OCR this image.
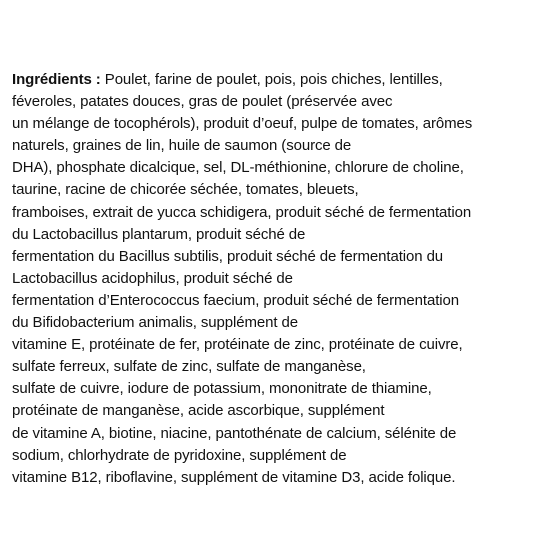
Ingrédients : Poulet, farine de poulet, pois, pois chiches, lentilles,
féveroles, patates douces, gras de poulet (préservée avec
un mélange de tocophérols), produit d’oeuf, pulpe de tomates, arômes
naturels, graines de lin, huile de saumon (source de
DHA), phosphate dicalcique, sel, DL-méthionine, chlorure de choline,
taurine, racine de chicorée séchée, tomates, bleuets,
framboises, extrait de yucca schidigera, produit séché de fermentation
du Lactobacillus plantarum, produit séché de
fermentation du Bacillus subtilis, produit séché de fermentation du
Lactobacillus acidophilus, produit séché de
fermentation d’Enterococcus faecium, produit séché de fermentation
du Bifidobacterium animalis, supplément de
vitamine E, protéinate de fer, protéinate de zinc, protéinate de cuivre,
sulfate ferreux, sulfate de zinc, sulfate de manganèse,
sulfate de cuivre, iodure de potassium, mononitrate de thiamine,
protéinate de manganèse, acide ascorbique, supplément
de vitamine A, biotine, niacine, pantothénate de calcium, sélénite de
sodium, chlorhydrate de pyridoxine, supplément de
vitamine B12, riboflavine, supplément de vitamine D3, acide folique.
